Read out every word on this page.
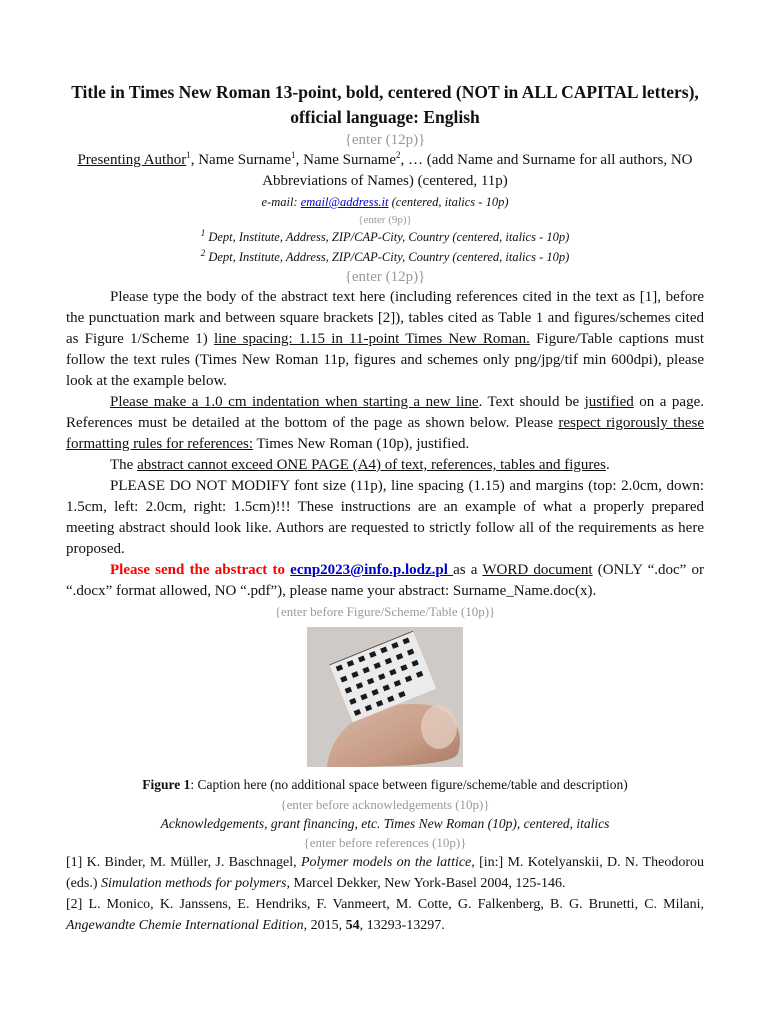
Title in Times New Roman 13-point, bold, centered (NOT in ALL CAPITAL letters), official language: English
{enter (12p)}
Presenting Author$^1$, Name Surname$^1$, Name Surname$^2$, … (add Name and Surname for all authors, NO Abbreviations of Names) (centered, 11p)
e-mail: email@address.it (centered, italics - 10p)
{enter (9p)}
$^1$ Dept, Institute, Address, ZIP/CAP-City, Country (centered, italics - 10p)
$^2$ Dept, Institute, Address, ZIP/CAP-City, Country (centered, italics - 10p)
{enter (12p)}

Please type the body of the abstract text here (including references cited in the text as [1], before the punctuation mark and between square brackets [2]), tables cited as Table 1 and figures/schemes cited as Figure 1/Scheme 1) line spacing: 1.15 in 11-point Times New Roman. Figure/Table captions must follow the text rules (Times New Roman 11p, figures and schemes only png/jpg/tif min 600dpi), please look at the example below.

Please make a 1.0 cm indentation when starting a new line. Text should be justified on a page. References must be detailed at the bottom of the page as shown below. Please respect rigorously these formatting rules for references: Times New Roman (10p), justified.

The abstract cannot exceed ONE PAGE (A4) of text, references, tables and figures.

PLEASE DO NOT MODIFY font size (11p), line spacing (1.15) and margins (top: 2.0cm, down: 1.5cm, left: 2.0cm, right: 1.5cm)!!! These instructions are an example of what a properly prepared meeting abstract should look like. Authors are requested to strictly follow all of the requirements as here proposed.

Please send the abstract to ecnp2023@info.p.lodz.pl as a WORD document (ONLY “.doc” or “.docx” format allowed, NO “.pdf”), please name your abstract: Surname_Name.doc(x).

{enter before Figure/Scheme/Table (10p)}
Figure 1: Caption here (no additional space between figure/scheme/table and description)
{enter before acknowledgements (10p)}
Acknowledgements, grant financing, etc. Times New Roman (10p), centered, italics
{enter before references (10p)}

[1] K. Binder, M. Müller, J. Baschnagel, Polymer models on the lattice, [in:] M. Kotelyanskii, D. N. Theodorou (eds.) Simulation methods for polymers, Marcel Dekker, New York-Basel 2004, 125-146.

[2] L. Monico, K. Janssens, E. Hendriks, F. Vanmeert, M. Cotte, G. Falkenberg, B. G. Brunetti, C. Milani, Angewandte Chemie International Edition, 2015, 54, 13293-13297.
